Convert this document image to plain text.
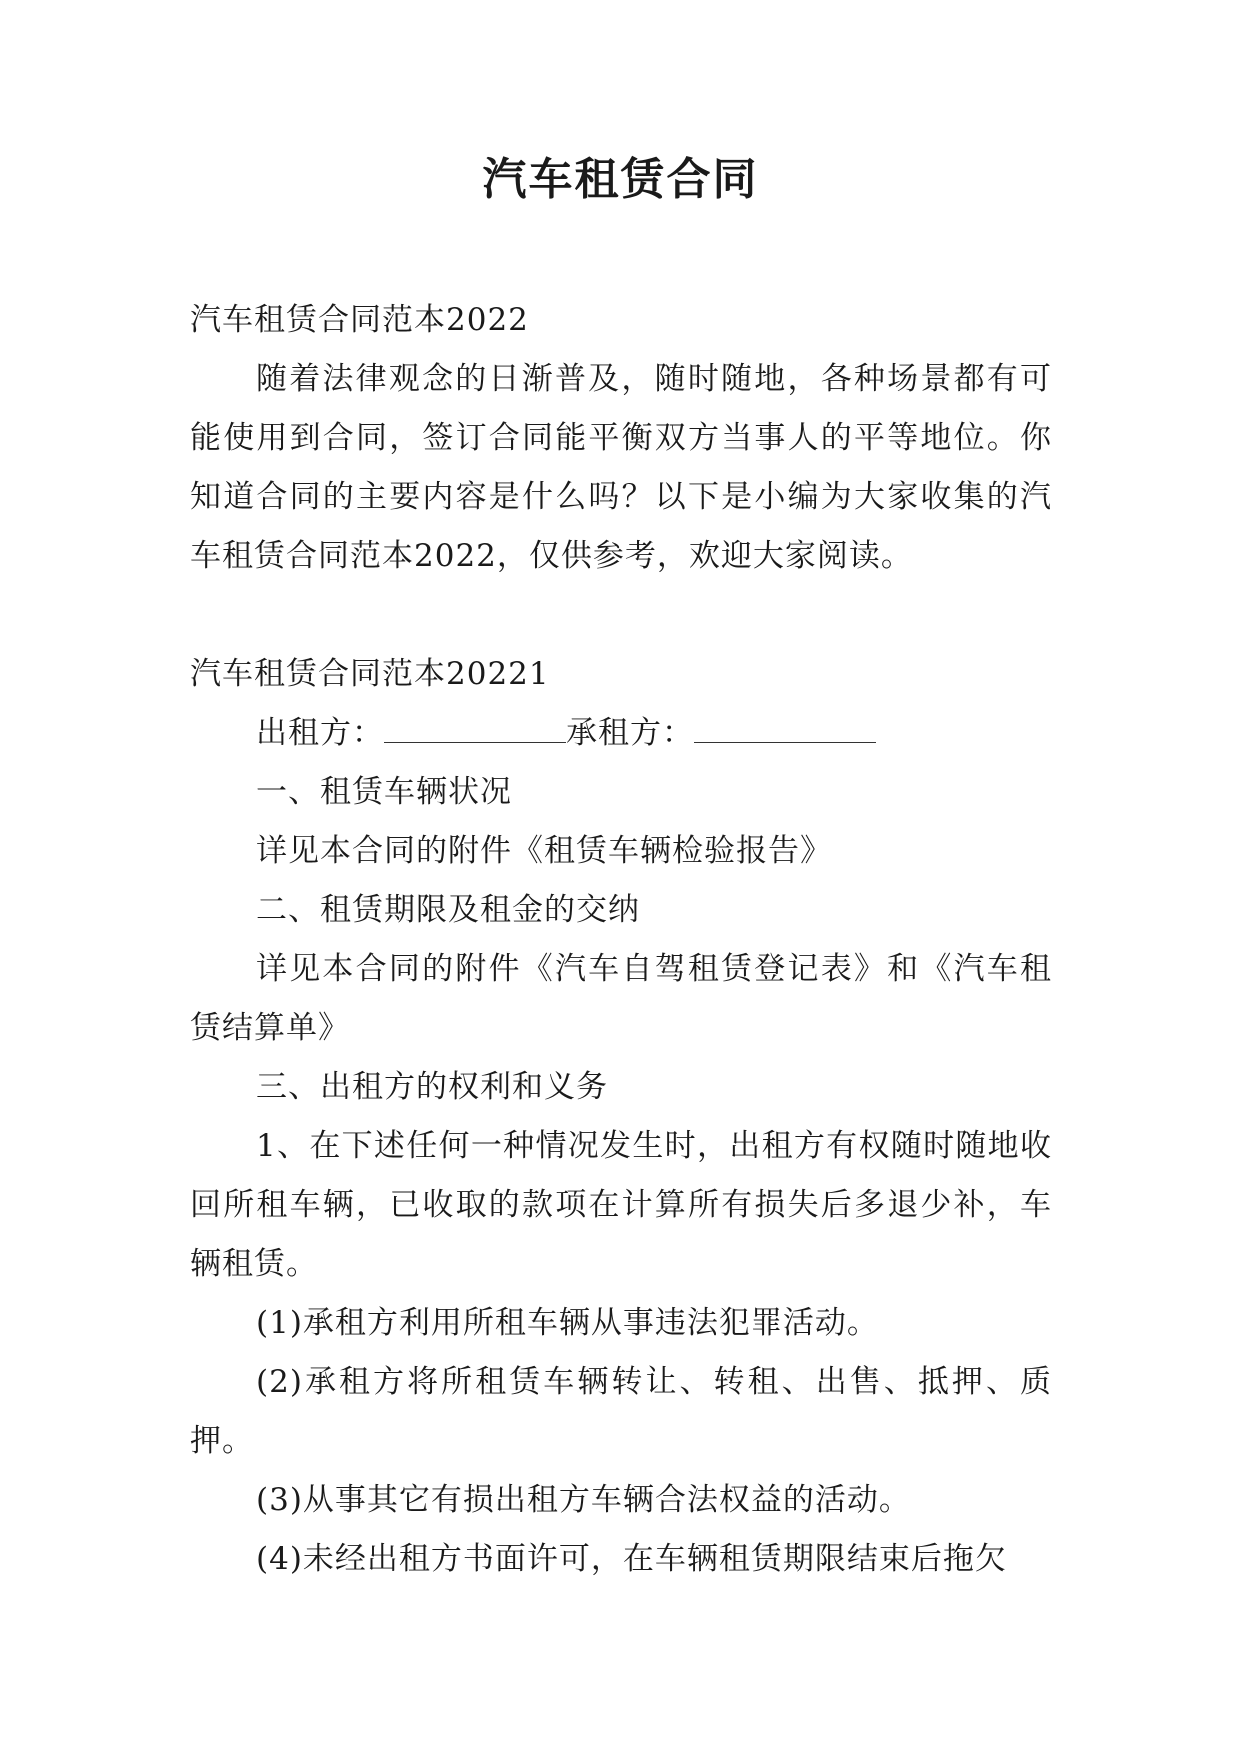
汽车租赁合同

汽车租赁合同范本2022

随着法律观念的日渐普及，随时随地，各种场景都有可能使用到合同，签订合同能平衡双方当事人的平等地位。你知道合同的主要内容是什么吗？以下是小编为大家收集的汽车租赁合同范本2022，仅供参考，欢迎大家阅读。

汽车租赁合同范本20221

出租方：	承租方：

一、租赁车辆状况

详见本合同的附件《租赁车辆检验报告》

二、租赁期限及租金的交纳

详见本合同的附件《汽车自驾租赁登记表》和《汽车租赁结算单》

三、出租方的权利和义务

1、在下述任何一种情况发生时，出租方有权随时随地收回所租车辆，已收取的款项在计算所有损失后多退少补，车辆租赁。

(1)承租方利用所租车辆从事违法犯罪活动。

(2)承租方将所租赁车辆转让、转租、出售、抵押、质押。

(3)从事其它有损出租方车辆合法权益的活动。

(4)未经出租方书面许可，在车辆租赁期限结束后拖欠
